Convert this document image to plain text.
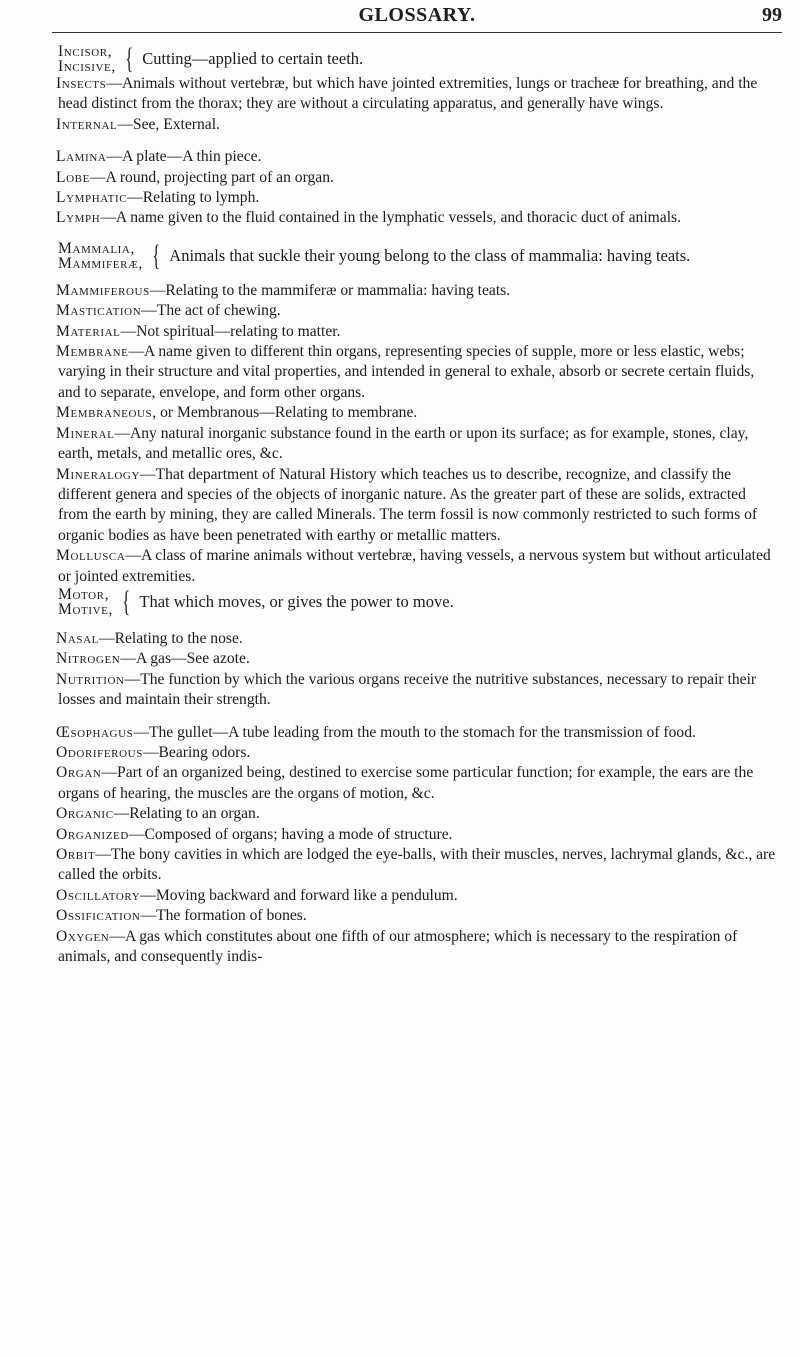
GLOSSARY.	99
Incisor,
Incisive, { Cutting—applied to certain teeth.
Insects—Animals without vertebræ, but which have jointed extremities, lungs or tracheæ for breathing, and the head distinct from the thorax; they are without a circulating apparatus, and generally have wings.
Internal—See, External.
Lamina—A plate—A thin piece.
Lobe—A round, projecting part of an organ.
Lymphatic—Relating to lymph.
Lymph—A name given to the fluid contained in the lymphatic vessels, and thoracic duct of animals.
Mammalia,
Mammiferæ, { Animals that suckle their young belong to the class of mammalia: having teats.
Mammiferous—Relating to the mammiferæ or mammalia: having teats.
Mastication—The act of chewing.
Material—Not spiritual—relating to matter.
Membrane—A name given to different thin organs, representing species of supple, more or less elastic, webs; varying in their structure and vital properties, and intended in general to exhale, absorb or secrete certain fluids, and to separate, envelope, and form other organs.
Membraneous, or Membranous—Relating to membrane.
Mineral—Any natural inorganic substance found in the earth or upon its surface; as for example, stones, clay, earth, metals, and metallic ores, &c.
Mineralogy—That department of Natural History which teaches us to describe, recognize, and classify the different genera and species of the objects of inorganic nature. As the greater part of these are solids, extracted from the earth by mining, they are called Minerals. The term fossil is now commonly restricted to such forms of organic bodies as have been penetrated with earthy or metallic matters.
Mollusca—A class of marine animals without vertebræ, having vessels, a nervous system but without articulated or jointed extremities.
Motor,
Motive, { That which moves, or gives the power to move.
Nasal—Relating to the nose.
Nitrogen—A gas—See azote.
Nutrition—The function by which the various organs receive the nutritive substances, necessary to repair their losses and maintain their strength.
Œsophagus—The gullet—A tube leading from the mouth to the stomach for the transmission of food.
Odoriferous—Bearing odors.
Organ—Part of an organized being, destined to exercise some particular function; for example, the ears are the organs of hearing, the muscles are the organs of motion, &c.
Organic—Relating to an organ.
Organized—Composed of organs; having a mode of structure.
Orbit—The bony cavities in which are lodged the eye-balls, with their muscles, nerves, lachrymal glands, &c., are called the orbits.
Oscillatory—Moving backward and forward like a pendulum.
Ossification—The formation of bones.
Oxygen—A gas which constitutes about one fifth of our atmosphere; which is necessary to the respiration of animals, and consequently indis-
